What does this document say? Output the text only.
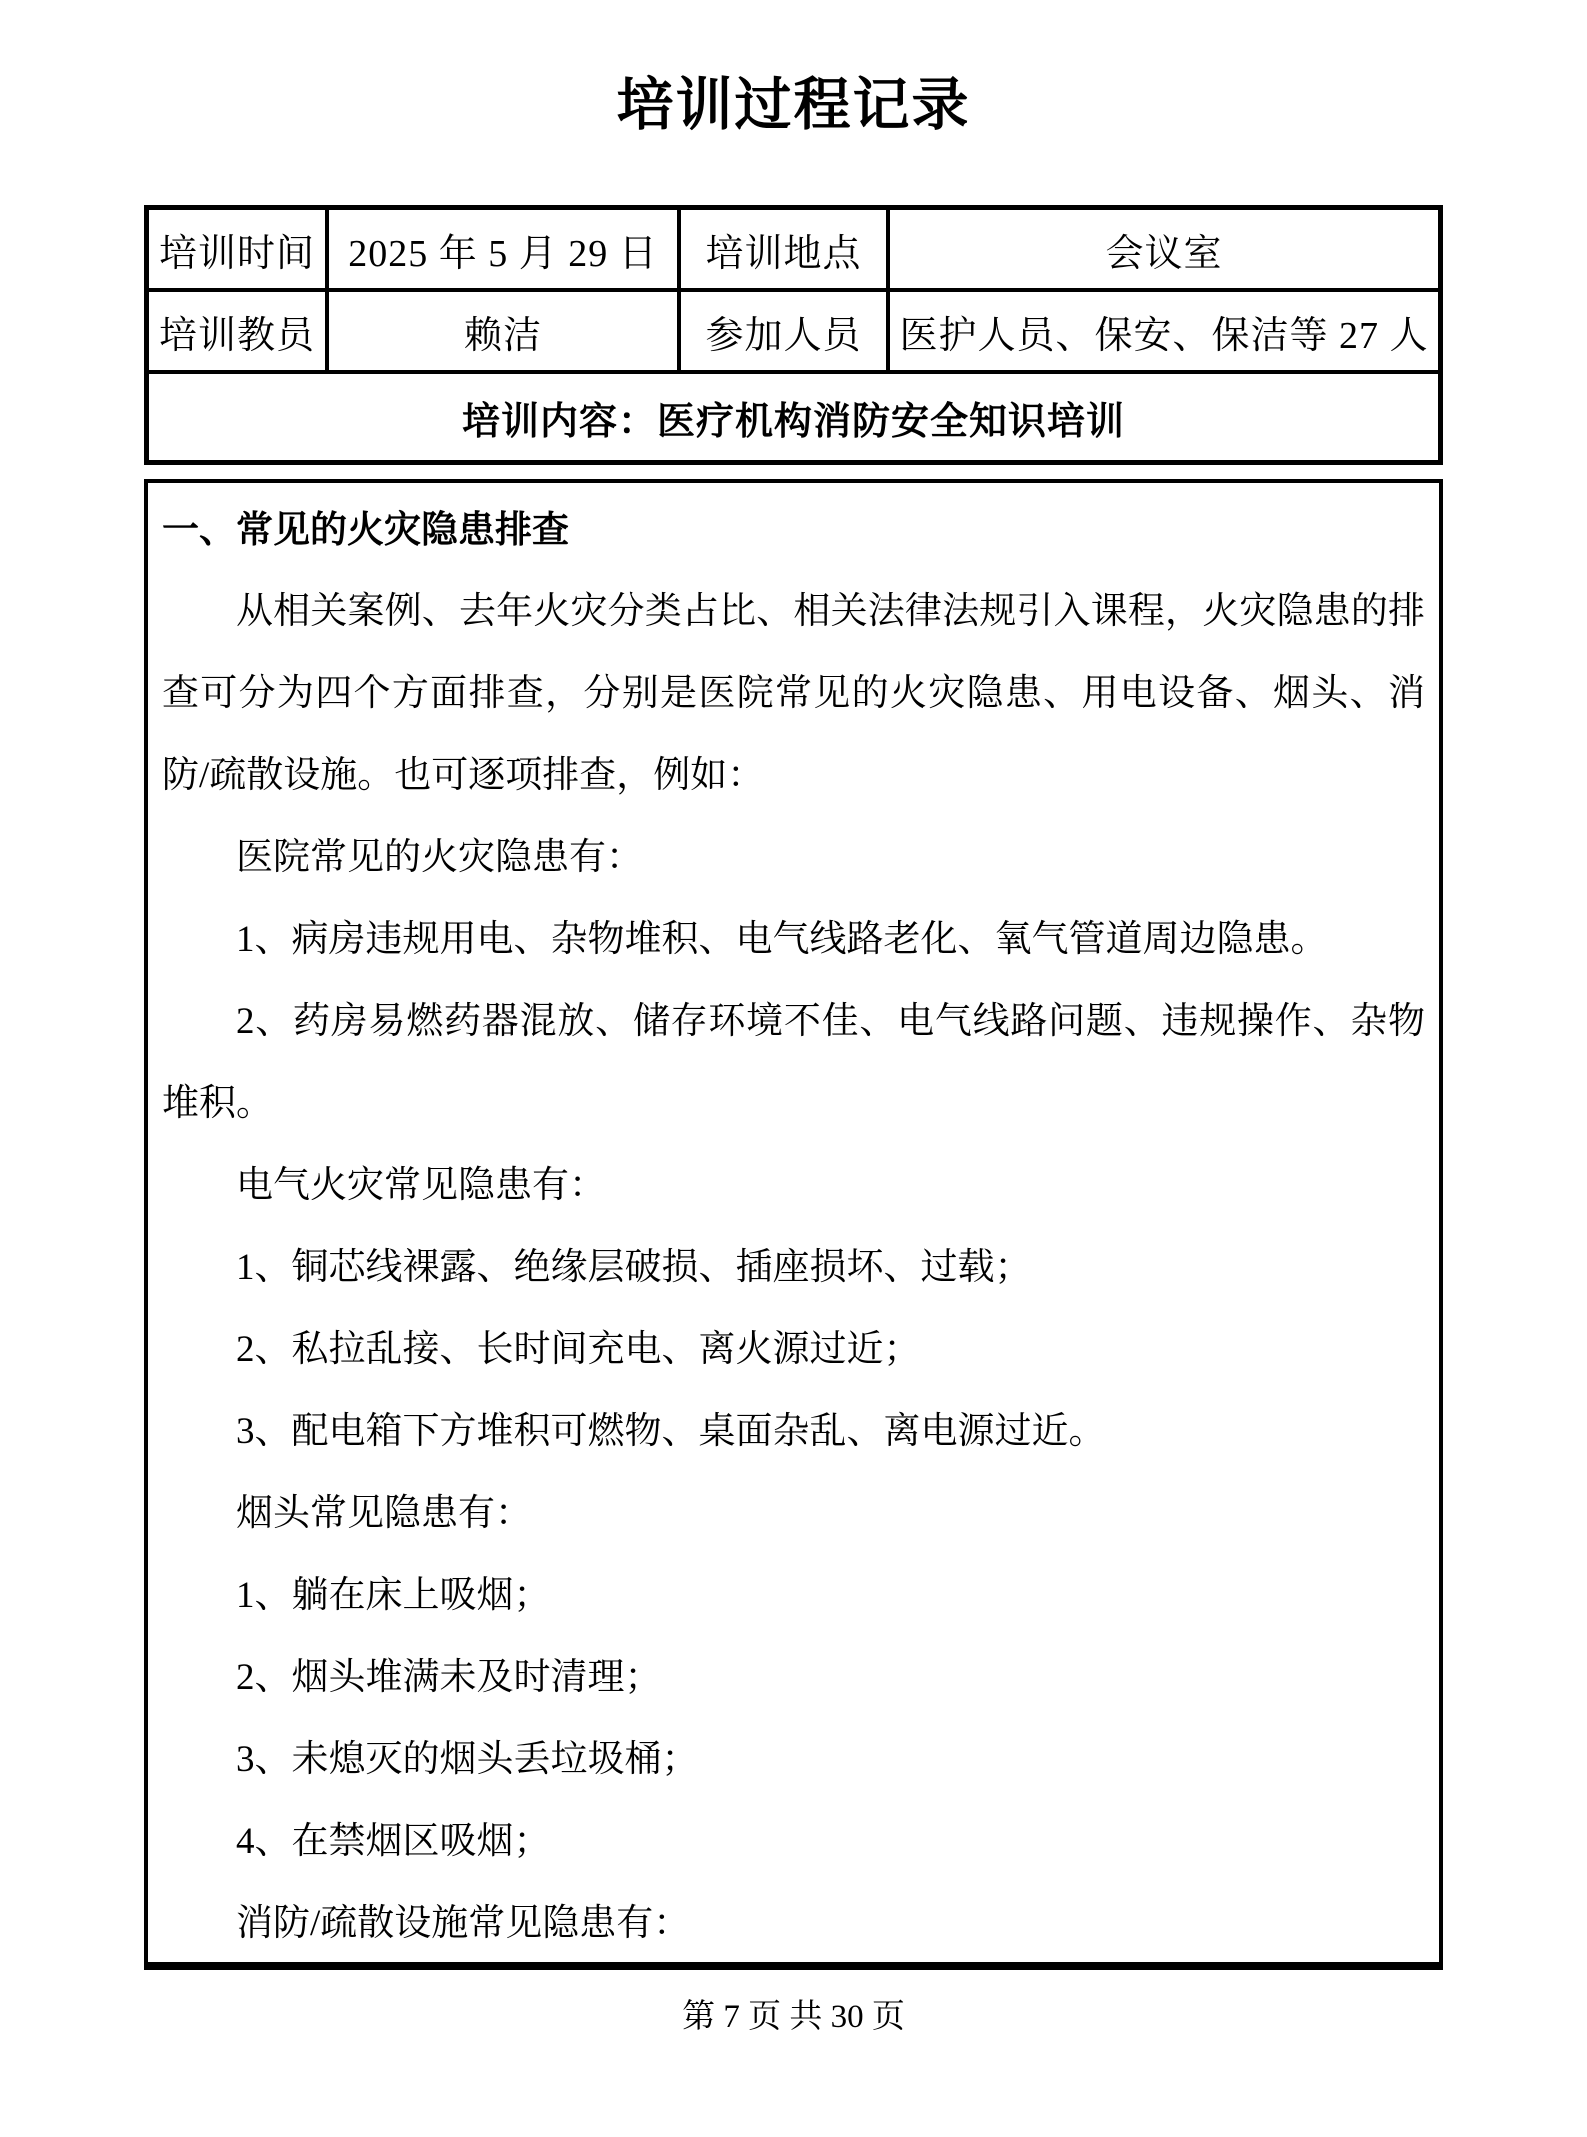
培训过程记录
培训时间 2025 年 5 月 29 日	培训地点	会议室
培训教员	赖洁	参加人员 医护人员、保安、保洁等 27 人
培训内容：医疗机构消防安全知识培训

一、常见的火灾隐患排查

从相关案例、去年火灾分类占比、相关法律法规引入课程，火灾隐患的排查可分为四个方面排查，分别是医院常见的火灾隐患、用电设备、烟头、消防/疏散设施。也可逐项排查，例如：

医院常见的火灾隐患有：

1、病房违规用电、杂物堆积、电气线路老化、氧气管道周边隐患。

2、药房易燃药器混放、储存环境不佳、电气线路问题、违规操作、杂物堆积。

电气火灾常见隐患有：

1、铜芯线裸露、绝缘层破损、插座损坏、过载；

2、私拉乱接、长时间充电、离火源过近；

3、配电箱下方堆积可燃物、桌面杂乱、离电源过近。

烟头常见隐患有：

1、躺在床上吸烟；

2、烟头堆满未及时清理；

3、未熄灭的烟头丢垃圾桶；

4、在禁烟区吸烟；

消防/疏散设施常见隐患有：

第 7 页 共 30 页
